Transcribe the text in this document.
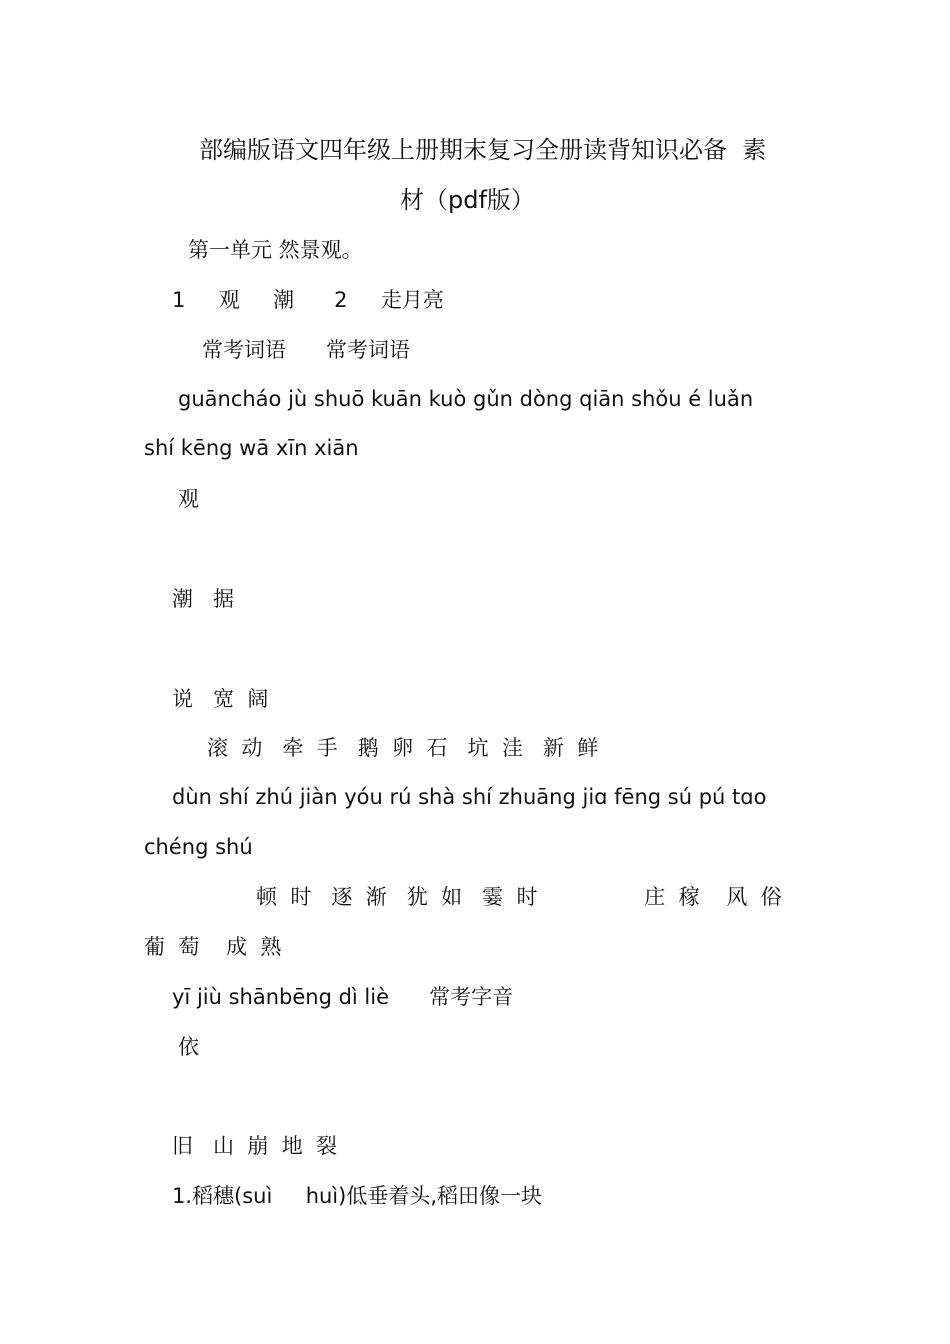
部编版语文四年级上册期末复习全册读背知识必备  素
材（pdf版）
第一单元 然景观。
1     观     潮      2     走月亮
常考词语      常考词语
guāncháo jù shuō kuān kuò gǔn dòng qiān shǒu é luǎn
shí kēng wā xīn xiān
观
潮   据
说   宽  阔
滚  动   牵  手   鹅  卵  石   坑  洼   新  鲜
dùn shí zhú jiàn yóu rú shà shí zhuāng jiɑ fēng sú pú tɑo
chéng shú
顿  时   逐  渐   犹  如   霎  时                庄  稼    风  俗
葡  萄    成  熟
yī jiù shānbēng dì liè      常考字音
依
旧   山  崩  地  裂
1.稻穗(suì     huì)低垂着头,稻田像一块
